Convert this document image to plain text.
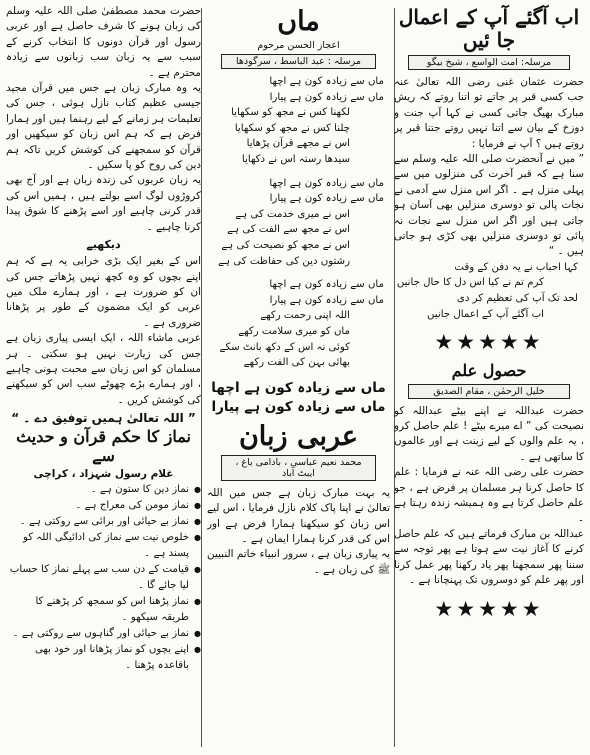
اب آگئے آپ کے اعمال جا ئیں
مرسلہ: امت الواسع ، شیخ بیگو

حضرت عثمان غنی رضی اللہ تعالیٰ عنہ جب کسی قبر پر جاتے تو اتنا روتے کہ ریش مبارک بھیگ جاتی کسی نے کہا آپ جنت و دوزخ کے بیان سے اتنا نہیں روتے جتنا قبر پر روتے ہیں ؟ آپ نے فرمایا :

” میں نے آنحضرت صلی اللہ علیہ وسلم سے سنا ہے کہ قبر آخرت کی منزلوں میں سے پہلی منزل ہے ۔ اگر اس منزل سے آدمی نے نجات پالی تو دوسری منزلیں بھی آسان ہو جاتی ہیں اور اگر اس منزل سے نجات نہ پائی تو دوسری منزلیں بھی کڑی ہو جاتی ہیں ۔ “

کہا احباب نے یہ دفن کے وقت
کرم تم نے کیا اس دل کا حال جانیں
لحد تک آپ کی تعظیم کر دی
اب آگئے آپ کے اعمال جانیں
★★★★★
حصول علم
خلیل الرحمٰن ، مقام الصدیق

حضرت عبداللہ نے اپنے بیٹے عبداللہ کو نصیحت کی ” اے میرے بیٹے ! علم حاصل کرو ، یہ علم والوں کے لیے زینت ہے اور عالموں کا ساتھی ہے ۔

حضرت علی رضی اللہ عنہ نے فرمایا : علم کا حاصل کرنا ہر مسلمان پر فرض ہے ، جو علم حاصل کرتا ہے وہ ہمیشہ زندہ رہتا ہے ۔

عبداللہ بن مبارک فرماتے ہیں کہ علم حاصل کرنے کا آغاز نیت سے ہوتا ہے پھر توجہ سے سننا پھر سمجھنا پھر یاد رکھنا پھر عمل کرنا اور پھر علم کو دوسروں تک پہنچانا ہے ۔

★★★★★
ماں
اعجاز الحسن مرحوم
مرسلہ : عبد الباسط ، سرگودھا
ماں سے زیادہ کون ہے اچھا
ماں سے زیادہ کون ہے پیارا
لکھنا کس نے مجھ کو سکھایا
چلنا کس نے مجھ کو سکھایا
اس نے مجھے قرآن پڑھایا
سیدھا رستہ اس نے دکھایا
ماں سے زیادہ کون ہے اچھا
ماں سے زیادہ کون ہے پیارا
اس نے میری خدمت کی ہے
اس نے مجھ سے الفت کی ہے
اس نے مجھ کو نصیحت کی ہے
رشتوں دین کی حفاظت کی ہے
ماں سے زیادہ کون ہے اچھا
ماں سے زیادہ کون ہے پیارا
اللہ اپنی رحمت رکھے
ماں کو میری سلامت رکھے
کوئی نہ اس کے دکھ بانٹ سکے
بھائی بہن کی الفت رکھے
ماں سے زیادہ کون ہے اچھا
ماں سے زیادہ کون ہے پیارا
عربی زبان
محمد نعیم عباسی ، بادامی باغ ، ایبٹ آباد

یہ بہت مبارک زبان ہے جس میں اللہ تعالیٰ نے اپنا پاک کلام نازل فرمایا ، اس لیے اس زبان کو سیکھنا ہمارا فرض ہے اور اس کی قدر کرنا ہمارا ایمان ہے ۔

یہ پیاری زبان ہے ، سرور انبیاء خاتم النبیین ﷺ کی زبان ہے ۔

حضرت محمد مصطفیٰ صلی اللہ علیہ وسلم کی زبان ہونے کا شرف حاصل ہے اور عربی رسول اور قرآن دونوں کا انتخاب کرنے کے سبب سے یہ زبان سب زبانوں سے زیادہ محترم ہے ۔

یہ وہ مبارک زبان ہے جس میں قرآن مجید جیسی عظیم کتاب نازل ہوئی ، جس کی تعلیمات ہر زمانے کے لیے رہنما ہیں اور ہمارا فرض ہے کہ ہم اس زبان کو سیکھیں اور قرآن کو سمجھنے کی کوشش کریں تاکہ ہم دین کی روح کو پا سکیں ۔

یہ زبان عربوں کی زندہ زبان ہے اور آج بھی کروڑوں لوگ اسے بولتے ہیں ، ہمیں اس کی قدر کرنی چاہیے اور اسے پڑھنے کا شوق پیدا کرنا چاہیے ۔

دیکھیے

اس کے بغیر ایک بڑی خرابی یہ ہے کہ ہم اپنے بچوں کو وہ کچھ نہیں پڑھاتے جس کی ان کو ضرورت ہے ، اور ہمارے ملک میں عربی کو ایک مضمون کے طور پر پڑھانا ضروری ہے ۔

عربی ماشاء اللہ ، ایک ایسی پیاری زبان ہے جس کی زیارت نہیں ہو سکتی ۔ ہر مسلمان کو اس زبان سے محبت ہونی چاہیے ، اور ہمارے بڑے چھوٹے سب اس کو سیکھنے کی کوشش کریں ۔

” اللہ تعالیٰ ہمیں توفیق دے ۔ “
نماز کا حکم قرآن و حدیث سے
غلام رسول شہزاد ، کراچی
● نماز دین کا ستون ہے ۔
● نماز مومن کی معراج ہے ۔
● نماز بے حیائی اور برائی سے روکتی ہے ۔
● خلوص نیت سے نماز کی ادائیگی اللہ کو پسند ہے ۔
● قیامت کے دن سب سے پہلے نماز کا حساب لیا جائے گا ۔
● نماز پڑھنا اس کو سمجھ کر پڑھنے کا طریقہ سیکھو ۔
● نماز بے حیائی اور گناہوں سے روکتی ہے ۔
● اپنے بچوں کو نماز پڑھانا اور خود بھی باقاعدہ پڑھنا ۔
